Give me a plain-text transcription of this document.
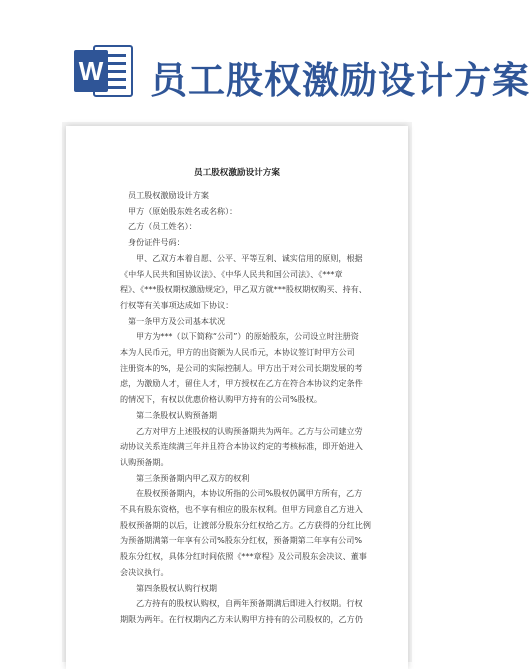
W 员工股权激励设计方案
员工股权激励设计方案
员工股权激励设计方案
甲方（原始股东姓名或名称）：
乙方（员工姓名）：
身份证件号码：
甲、乙双方本着自愿、公平、平等互利、诚实信用的原则，根据
《中华人民共和国协议法》、《中华人民共和国公司法》、《***章
程》、《***股权期权激励规定》，甲乙双方就***股权期权购买、持有、
行权等有关事项达成如下协议：
第一条甲方及公司基本状况
甲方为***（以下简称“公司”）的原始股东，公司设立时注册资
本为人民币元，甲方的出资额为人民币元，本协议签订时甲方公司
注册资本的%，是公司的实际控制人。甲方出于对公司长期发展的考
虑，为激励人才，留住人才，甲方授权在乙方在符合本协议约定条件
的情况下，有权以优惠价格认购甲方持有的公司%股权。
第二条股权认购预备期
乙方对甲方上述股权的认购预备期共为两年。乙方与公司建立劳
动协议关系连续满三年并且符合本协议约定的考核标准，即开始进入
认购预备期。
第三条预备期内甲乙双方的权利
在股权预备期内，本协议所指的公司%股权仍属甲方所有，乙方
不具有股东资格，也不享有相应的股东权利。但甲方同意自乙方进入
股权预备期的以后，让渡部分股东分红权给乙方。乙方获得的分红比例
为预备期满第一年享有公司%股东分红权，预备期第二年享有公司%
股东分红权，具体分红时间依照《***章程》及公司股东会决议、董事
会决议执行。
第四条股权认购行权期
乙方持有的股权认购权，自两年预备期满后即进入行权期。行权
期限为两年。在行权期内乙方未认购甲方持有的公司股权的，乙方仍
